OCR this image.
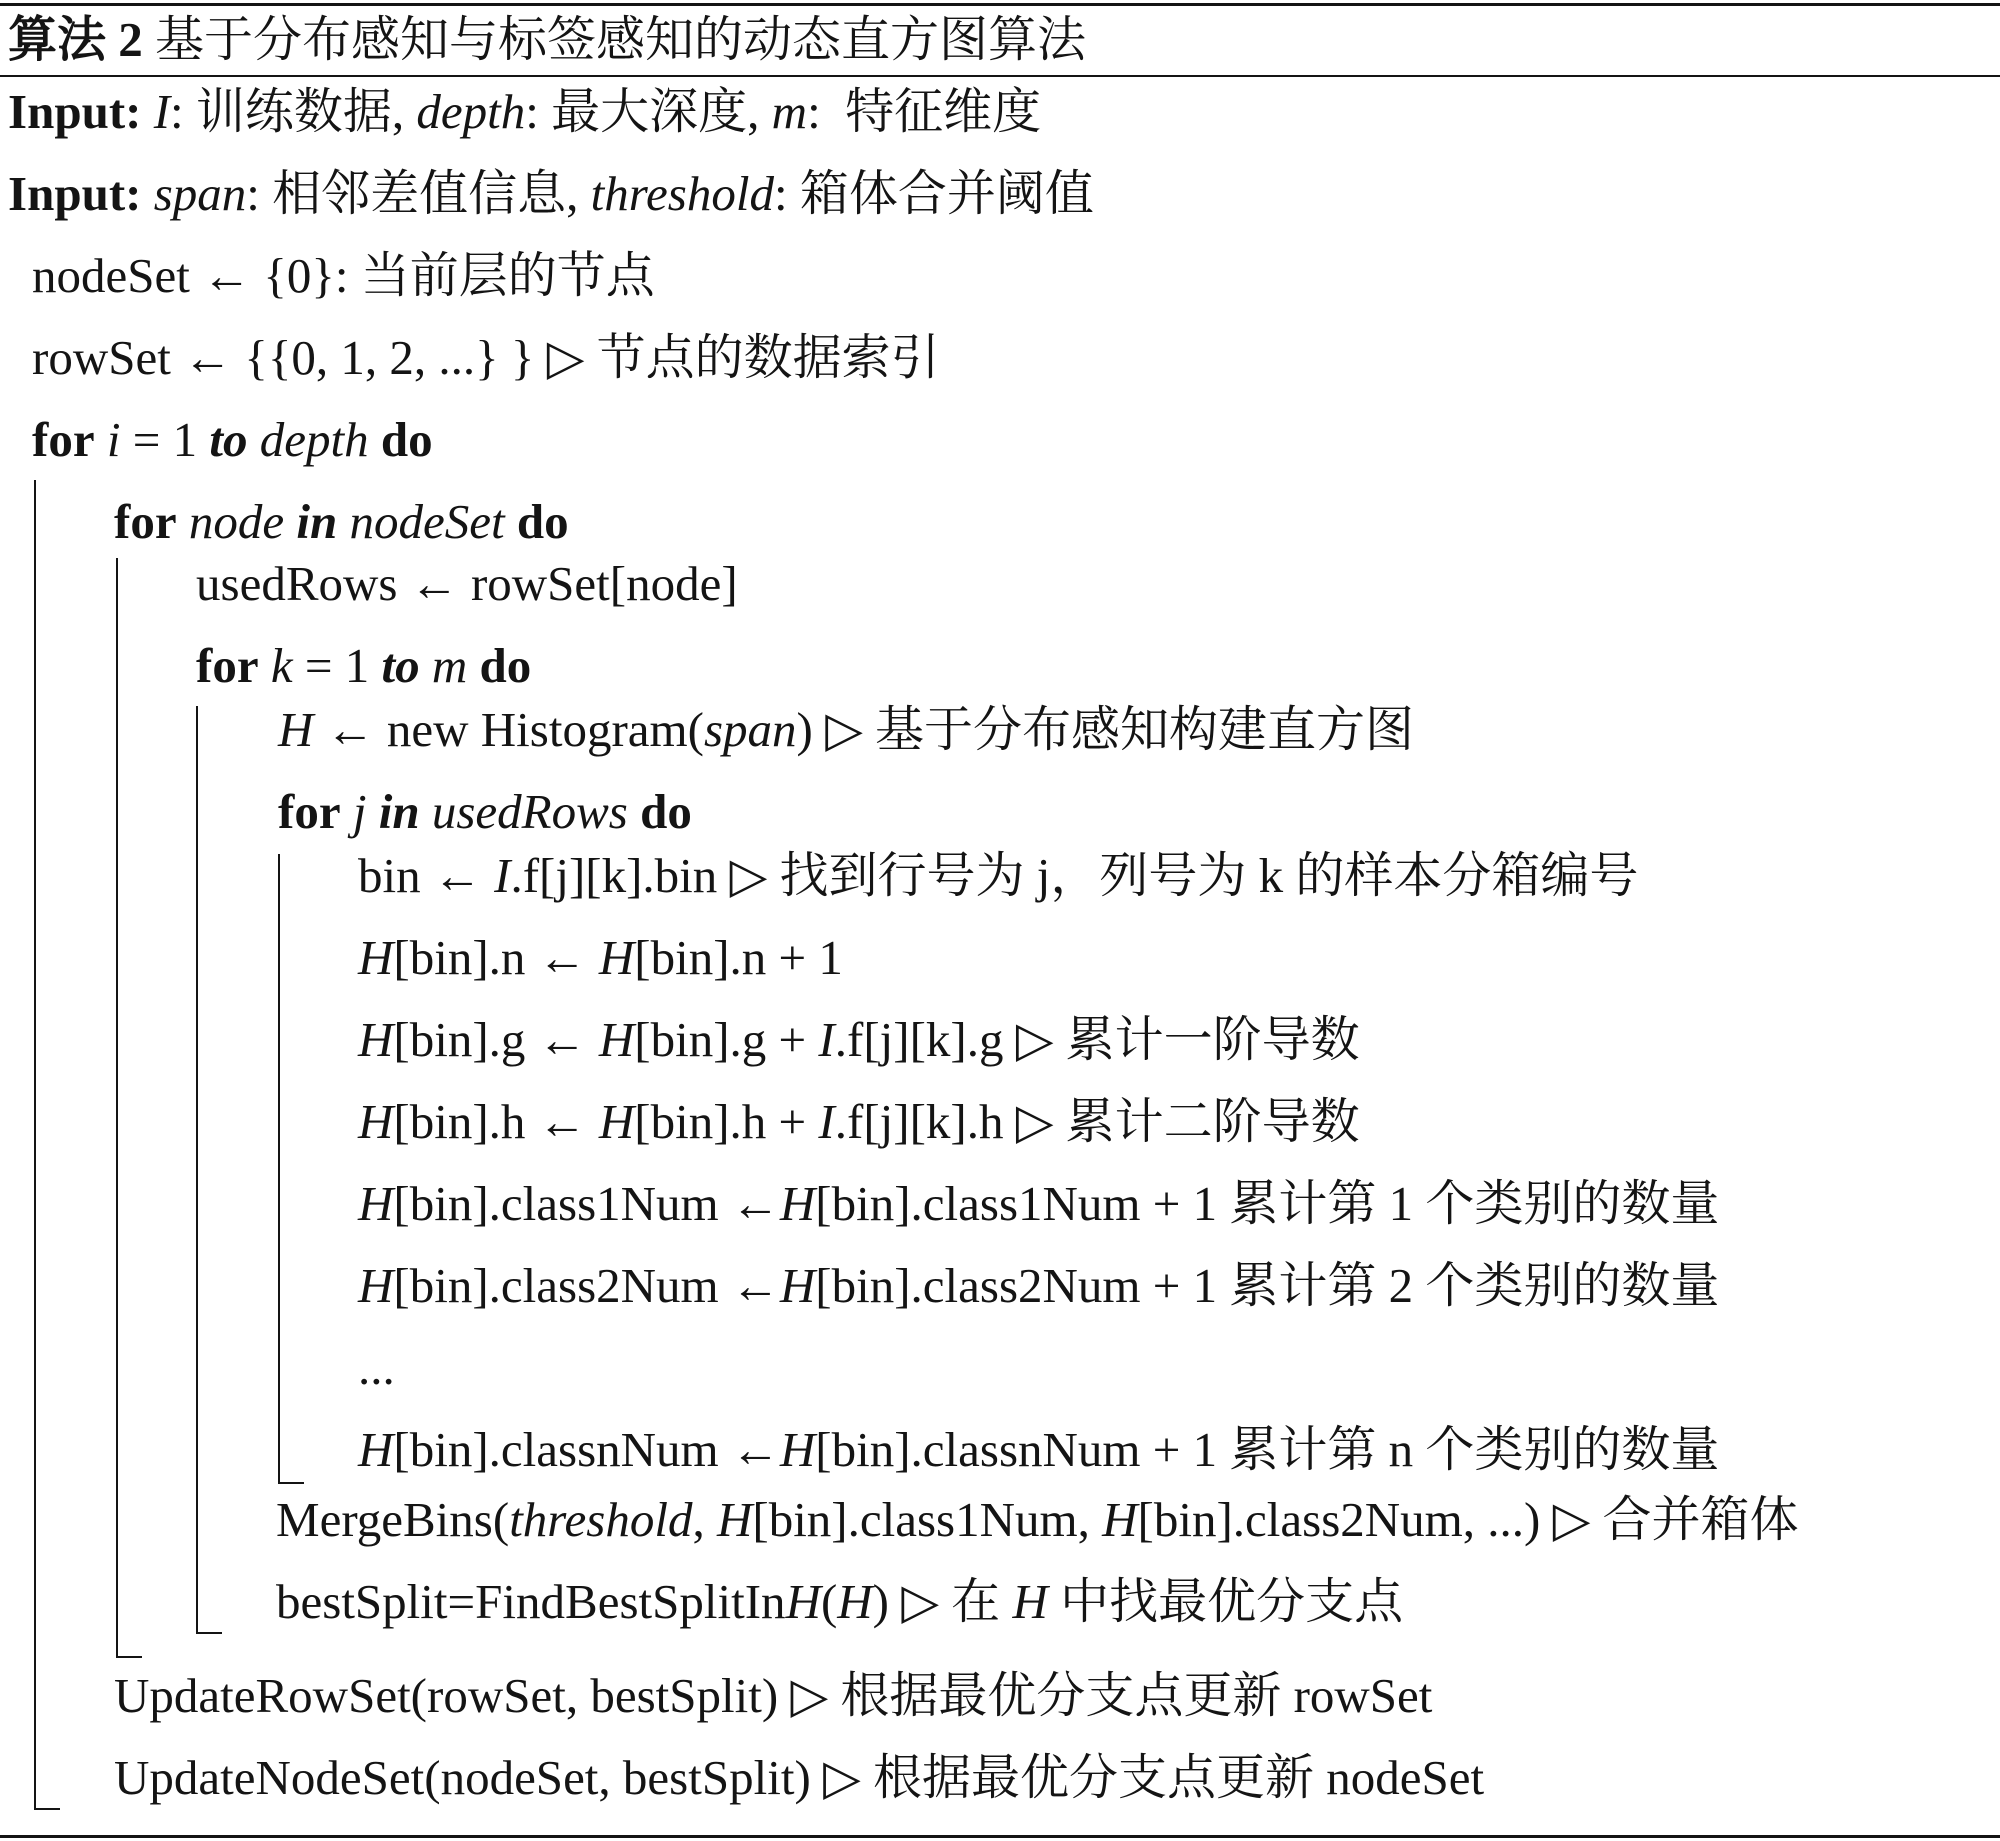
算法 2 基于分布感知与标签感知的动态直方图算法
Input: I: 训练数据, depth: 最大深度, m:  特征维度
Input: span: 相邻差值信息, threshold: 箱体合并阈值
nodeSet ← {0}: 当前层的节点
rowSet ← {{0, 1, 2, ...} } ▷ 节点的数据索引
for i = 1 to depth do
for node in nodeSet do
usedRows ← rowSet[node]
for k = 1 to m do
H ← new Histogram(span) ▷ 基于分布感知构建直方图
for j in usedRows do
bin ← I.f[j][k].bin ▷ 找到行号为 j，列号为 k 的样本分箱编号
H[bin].n ← H[bin].n + 1
H[bin].g ← H[bin].g + I.f[j][k].g ▷ 累计一阶导数
H[bin].h ← H[bin].h + I.f[j][k].h ▷ 累计二阶导数
H[bin].class1Num ←H[bin].class1Num + 1 累计第 1 个类别的数量
H[bin].class2Num ←H[bin].class2Num + 1 累计第 2 个类别的数量
...
H[bin].classnNum ←H[bin].classnNum + 1 累计第 n 个类别的数量
MergeBins(threshold, H[bin].class1Num, H[bin].class2Num, ...) ▷ 合并箱体
bestSplit=FindBestSplitInH(H) ▷ 在 H 中找最优分支点
UpdateRowSet(rowSet, bestSplit) ▷ 根据最优分支点更新 rowSet
UpdateNodeSet(nodeSet, bestSplit) ▷ 根据最优分支点更新 nodeSet
